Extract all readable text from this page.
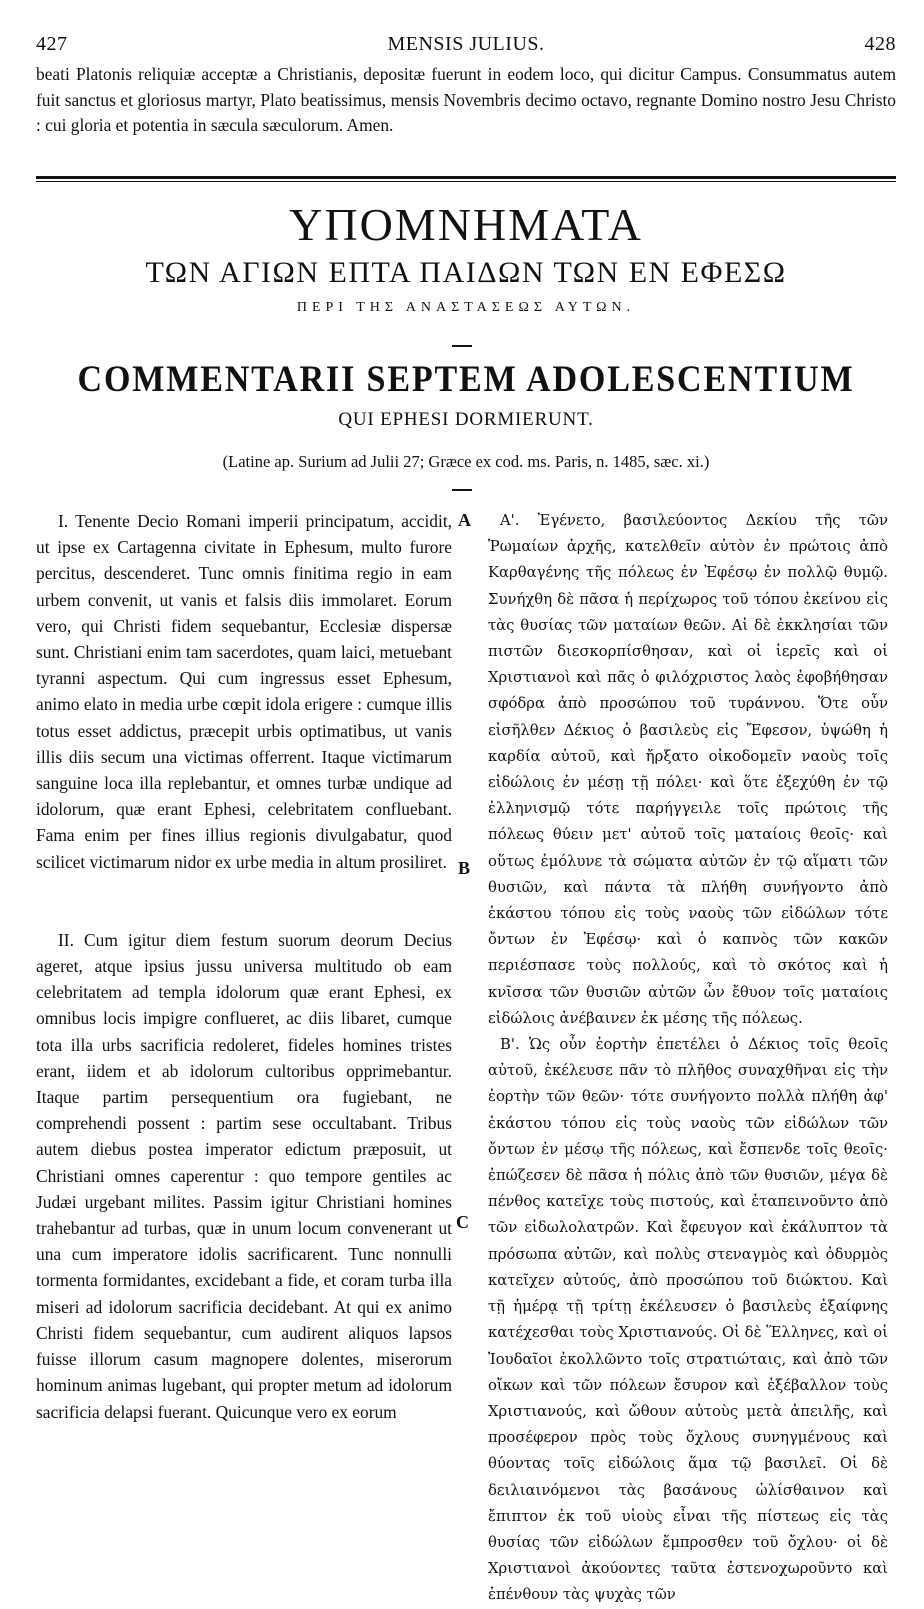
427	MENSIS JULIUS.	428

beati Platonis reliquiæ acceptæ a Christianis, depositæ fuerunt in eodem loco, qui dicitur Campus. Consummatus autem fuit sanctus et gloriosus martyr, Plato beatissimus, mensis Novembris decimo octavo, regnante Domino nostro Jesu Christo : cui gloria et potentia in sæcula sæculorum. Amen.

ΥΠΟΜΝΗΜΑΤΑ
ΤΩΝ ΑΓΙΩΝ ΕΠΤΑ ΠΑΙΔΩΝ ΤΩΝ ΕΝ ΕΦΕΣΩ
ΠΕΡΙ ΤΗΣ ΑΝΑΣΤΑΣΕΩΣ ΑΥΤΩΝ.
COMMENTARII SEPTEM ADOLESCENTIUM
QUI EPHESI DORMIERUNT.
(Latine ap. Surium ad Julii 27; Græce ex cod. ms. Paris, n. 1485, sæc. xi.)

I. Tenente Decio Romani imperii principatum, accidit, ut ipse ex Cartagenna civitate in Ephesum, multo furore percitus, descenderet. Tunc omnis finitima regio in eam urbem convenit, ut vanis et falsis diis immolaret. Eorum vero, qui Christi fidem sequebantur, Ecclesiæ dispersæ sunt. Christiani enim tam sacerdotes, quam laici, metuebant tyranni aspectum. Qui cum ingressus esset Ephesum, animo elato in media urbe cœpit idola erigere : cumque illis totus esset addictus, præcepit urbis optimatibus, ut vanis illis diis secum una victimas offerrent. Itaque victimarum sanguine loca illa replebantur, et omnes turbæ undique ad idolorum, quæ erant Ephesi, celebritatem confluebant. Fama enim per fines illius regionis divulgabatur, quod scilicet victimarum nidor ex urbe media in altum prosiliret.

II. Cum igitur diem festum suorum deorum Decius ageret, atque ipsius jussu universa multitudo ob eam celebritatem ad templa idolorum quæ erant Ephesi, ex omnibus locis impigre conflueret, ac diis libaret, cumque tota illa urbs sacrificia redoleret, fideles homines tristes erant, iidem et ab idolorum cultoribus opprimebantur. Itaque partim persequentium ora fugiebant, ne comprehendi possent : partim sese occultabant. Tribus autem diebus postea imperator edictum præposuit, ut Christiani omnes caperentur : quo tempore gentiles ac Judæi urgebant milites. Passim igitur Christiani homines trahebantur ad turbas, quæ in unum locum convenerant ut una cum imperatore idolis sacrificarent. Tunc nonnulli tormenta formidantes, excidebant a fide, et coram turba illa miseri ad idolorum sacrificia decidebant. At qui ex animo Christi fidem sequebantur, cum audirent aliquos lapsos fuisse illorum casum magnopere dolentes, miserorum hominum animas lugebant, qui propter metum ad idolorum sacrificia delapsi fuerant. Quicunque vero ex eorum

Α'. Ἐγένετο, βασιλεύοντος Δεκίου τῆς τῶν Ῥωμαίων ἀρχῆς, κατελθεῖν αὐτὸν ἐν πρώτοις ἀπὸ Καρθαγένης τῆς πόλεως ἐν Ἐφέσῳ ἐν πολλῷ θυμῷ. Συνήχθη δὲ πᾶσα ἡ περίχωρος τοῦ τόπου ἐκείνου εἰς τὰς θυσίας τῶν ματαίων θεῶν. Αἱ δὲ ἐκκλησίαι τῶν πιστῶν διεσκορπίσθησαν, καὶ οἱ ἱερεῖς καὶ οἱ Χριστιανοὶ καὶ πᾶς ὁ φιλόχριστος λαὸς ἐφοβήθησαν σφόδρα ἀπὸ προσώπου τοῦ τυράννου. Ὅτε οὖν εἰσῆλθεν Δέκιος ὁ βασιλεὺς εἰς Ἔφεσον, ὑψώθη ἡ καρδία αὐτοῦ, καὶ ἤρξατο οἰκοδομεῖν ναοὺς τοῖς εἰδώλοις ἐν μέσῃ τῇ πόλει· καὶ ὅτε ἐξεχύθη ἐν τῷ ἑλληνισμῷ τότε παρήγγειλε τοῖς πρώτοις τῆς πόλεως θύειν μετ' αὐτοῦ τοῖς ματαίοις θεοῖς· καὶ οὕτως ἐμόλυνε τὰ σώματα αὐτῶν ἐν τῷ αἵματι τῶν θυσιῶν, καὶ πάντα τὰ πλήθη συνήγοντο ἀπὸ ἑκάστου τόπου εἰς τοὺς ναοὺς τῶν εἰδώλων τότε ὄντων ἐν Ἐφέσῳ· καὶ ὁ καπνὸς τῶν κακῶν περιέσπασε τοὺς πολλούς, καὶ τὸ σκότος καὶ ἡ κνῖσσα τῶν θυσιῶν αὐτῶν ὧν ἔθυον τοῖς ματαίοις εἰδώλοις ἀνέβαινεν ἐκ μέσης τῆς πόλεως.

Β'. Ὡς οὖν ἑορτὴν ἐπετέλει ὁ Δέκιος τοῖς θεοῖς αὐτοῦ, ἐκέλευσε πᾶν τὸ πλῆθος συναχθῆναι εἰς τὴν ἑορτὴν τῶν θεῶν· τότε συνήγοντο πολλὰ πλήθη ἀφ' ἑκάστου τόπου εἰς τοὺς ναοὺς τῶν εἰδώλων τῶν ὄντων ἐν μέσῳ τῆς πόλεως, καὶ ἔσπενδε τοῖς θεοῖς· ἐπώζεσεν δὲ πᾶσα ἡ πόλις ἀπὸ τῶν θυσιῶν, μέγα δὲ πένθος κατεῖχε τοὺς πιστούς, καὶ ἐταπεινοῦντο ἀπὸ τῶν εἰδωλολατρῶν. Καὶ ἔφευγον καὶ ἐκάλυπτον τὰ πρόσωπα αὐτῶν, καὶ πολὺς στεναγμὸς καὶ ὀδυρμὸς κατεῖχεν αὐτούς, ἀπὸ προσώπου τοῦ διώκτου. Καὶ τῇ ἡμέρᾳ τῇ τρίτῃ ἐκέλευσεν ὁ βασιλεὺς ἐξαίφνης κατέχεσθαι τοὺς Χριστιανούς. Οἱ δὲ Ἕλληνες, καὶ οἱ Ἰουδαῖοι ἐκολλῶντο τοῖς στρατιώταις, καὶ ἀπὸ τῶν οἴκων καὶ τῶν πόλεων ἔσυρον καὶ ἐξέβαλλον τοὺς Χριστιανούς, καὶ ὤθουν αὐτοὺς μετὰ ἀπειλῆς, καὶ προσέφερον πρὸς τοὺς ὄχλους συνηγμένους καὶ θύοντας τοῖς εἰδώλοις ἅμα τῷ βασιλεῖ. Οἱ δὲ δειλιαινόμενοι τὰς βασάνους ὠλίσθαινον καὶ ἔπιπτον ἐκ τοῦ υἱοὺς εἶναι τῆς πίστεως εἰς τὰς θυσίας τῶν εἰδώλων ἔμπροσθεν τοῦ ὄχλου· οἱ δὲ Χριστιανοὶ ἀκούοντες ταῦτα ἐστενοχωροῦντο καὶ ἐπένθουν τὰς ψυχὰς τῶν

A
B
C
